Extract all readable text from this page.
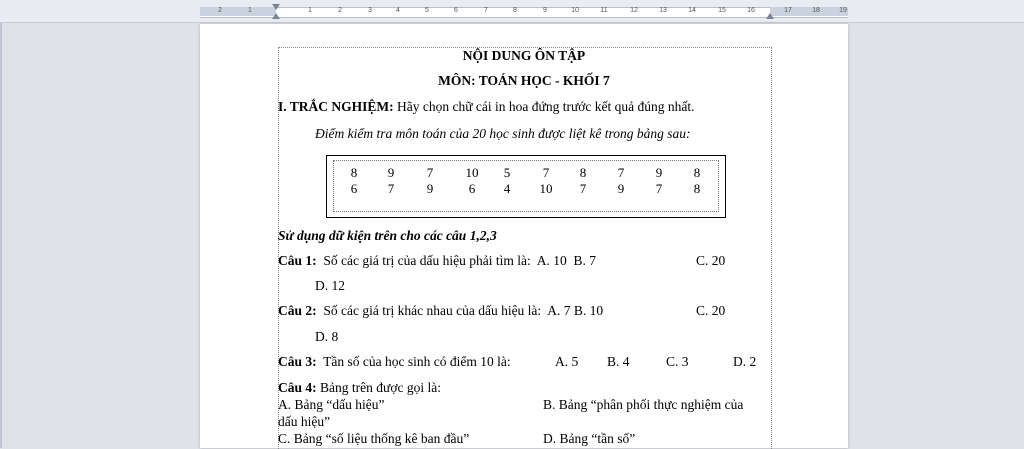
2	1	1	2	3	4	5	6	7	8	9	10	11	12	13	14	15	16	17	18	19
NỘI DUNG ÔN TẬP
MÔN: TOÁN HỌC - KHỐI 7
I. TRẮC NGHIỆM: Hãy chọn chữ cái in hoa đứng trước kết quả đúng nhất.
Điểm kiểm tra môn toán của 20 học sinh được liệt kê trong bảng sau:
8 9	7 10 5	7 8 7 9 8
6 7	9	6 4 10 7 9 7 8
Sử dụng dữ kiện trên cho các câu 1,2,3
Câu 1: Số các giá trị của dấu hiệu phải tìm là: A. 10 B. 7	C. 20
D. 12
Câu 2: Số các giá trị khác nhau của dấu hiệu là: A. 7 B. 10	C. 20
D. 8
Câu 3: Tần số của học sinh có điểm 10 là:	A. 5 B. 4	C. 3	D. 2
Câu 4: Bảng trên được gọi là:
A. Bảng “dấu hiệu”	B. Bảng “phân phối thực nghiệm của
dấu hiệu”
C. Bảng “số liệu thống kê ban đầu”	D. Bảng “tần số”
